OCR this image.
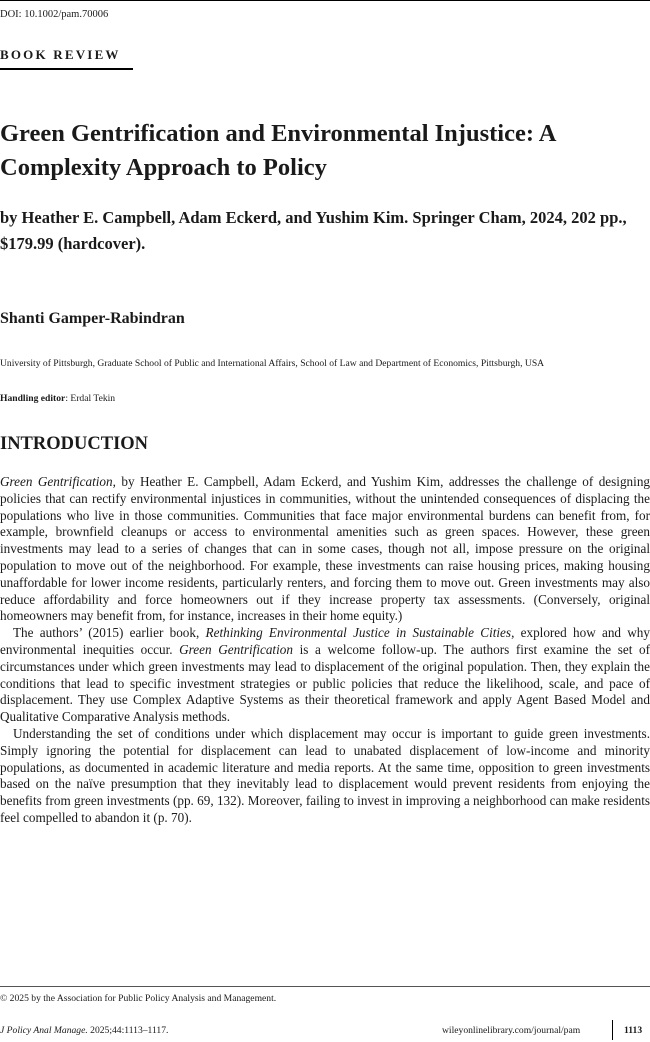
DOI: 10.1002/pam.70006
BOOK REVIEW
Green Gentrification and Environmental Injustice: A Complexity Approach to Policy
by Heather E. Campbell, Adam Eckerd, and Yushim Kim. Springer Cham, 2024, 202 pp., $179.99 (hardcover).
Shanti Gamper-Rabindran
University of Pittsburgh, Graduate School of Public and International Affairs, School of Law and Department of Economics, Pittsburgh, USA
Handling editor: Erdal Tekin
INTRODUCTION

Green Gentrification, by Heather E. Campbell, Adam Eckerd, and Yushim Kim, addresses the challenge of designing policies that can rectify environmental injustices in communities, without the unintended consequences of displacing the populations who live in those communities. Communities that face major environmental burdens can benefit from, for example, brownfield cleanups or access to environmental amenities such as green spaces. However, these green investments may lead to a series of changes that can in some cases, though not all, impose pressure on the original population to move out of the neighborhood. For example, these investments can raise housing prices, making housing unaffordable for lower income residents, particularly renters, and forcing them to move out. Green investments may also reduce affordability and force homeowners out if they increase property tax assessments. (Conversely, original homeowners may benefit from, for instance, increases in their home equity.)

The authors’ (2015) earlier book, Rethinking Environmental Justice in Sustainable Cities, explored how and why environmental inequities occur. Green Gentrification is a welcome follow-up. The authors first examine the set of circumstances under which green investments may lead to displacement of the original population. Then, they explain the conditions that lead to specific investment strategies or public policies that reduce the likelihood, scale, and pace of displacement. They use Complex Adaptive Systems as their theoretical framework and apply Agent Based Model and Qualitative Comparative Analysis methods.

Understanding the set of conditions under which displacement may occur is important to guide green investments. Simply ignoring the potential for displacement can lead to unabated displacement of low-income and minority populations, as documented in academic literature and media reports. At the same time, opposition to green investments based on the naïve presumption that they inevitably lead to displacement would prevent residents from enjoying the benefits from green investments (pp. 69, 132). Moreover, failing to invest in improving a neighborhood can make residents feel compelled to abandon it (p. 70).

© 2025 by the Association for Public Policy Analysis and Management.
J Policy Anal Manage. 2025;44:1113–1117.	wileyonlinelibrary.com/journal/pam	1113
